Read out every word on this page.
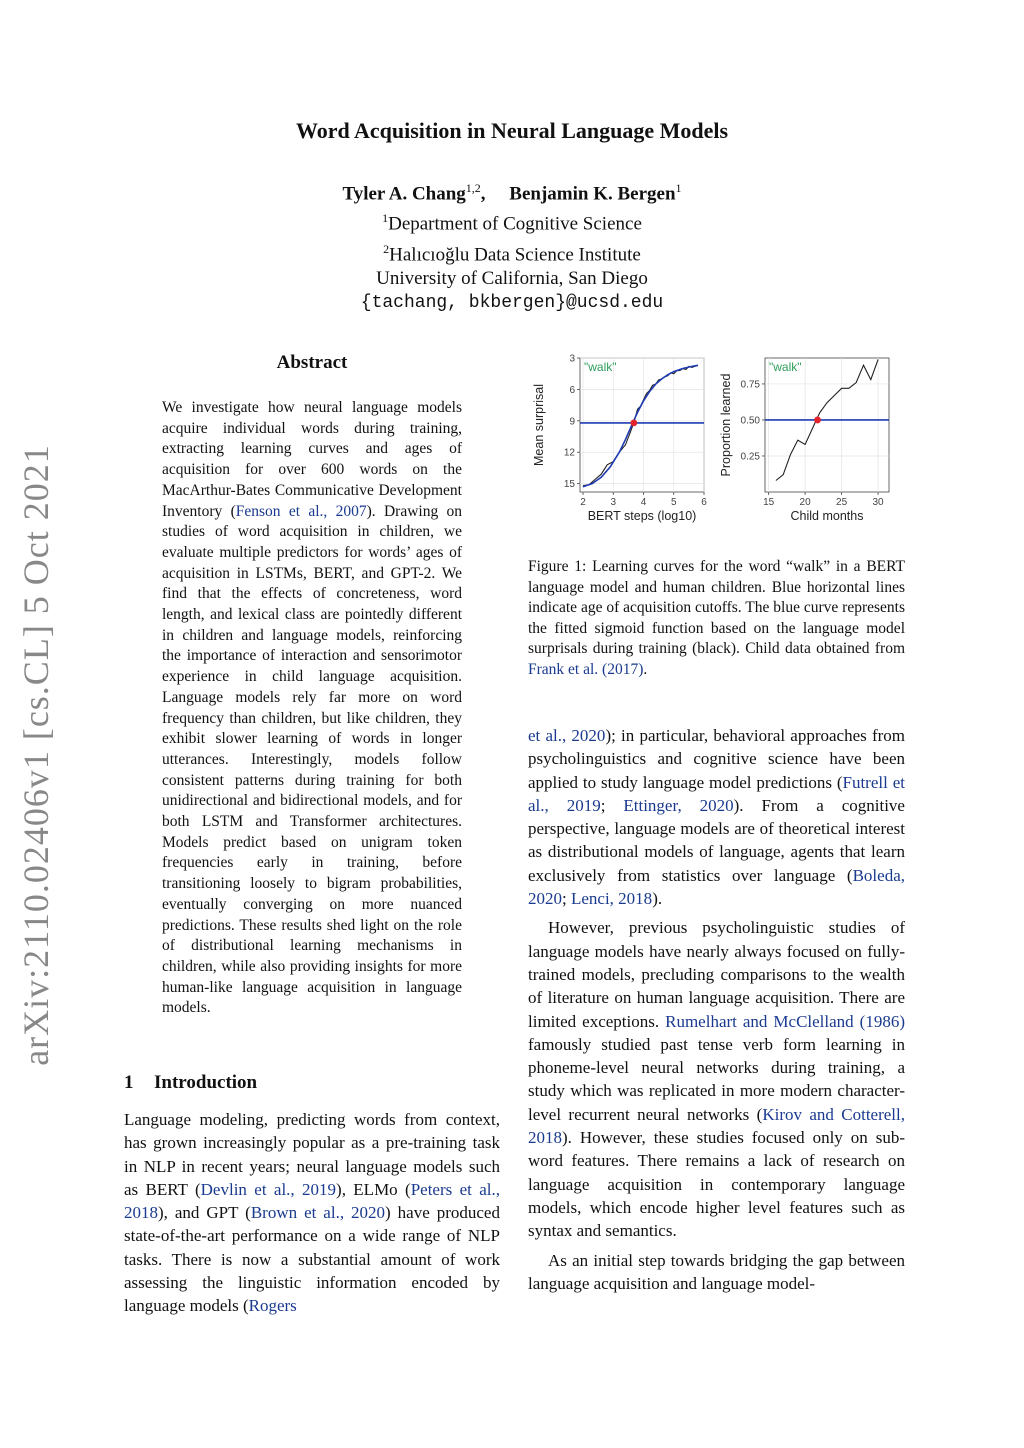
arXiv:2110.02406v1 [cs.CL] 5 Oct 2021
Word Acquisition in Neural Language Models
Tyler A. Chang$^{1,2}$,     Benjamin K. Bergen$^1$
$^1$Department of Cognitive Science
$^2$Halıcıoğlu Data Science Institute
University of California, San Diego
{tachang, bkbergen}@ucsd.edu
Abstract
We investigate how neural language models acquire individual words during training, extracting learning curves and ages of acquisition for over 600 words on the MacArthur-Bates Communicative Development Inventory (Fenson et al., 2007). Drawing on studies of word acquisition in children, we evaluate multiple predictors for words’ ages of acquisition in LSTMs, BERT, and GPT-2. We find that the effects of concreteness, word length, and lexical class are pointedly different in children and language models, reinforcing the importance of interaction and sensorimotor experience in child language acquisition. Language models rely far more on word frequency than children, but like children, they exhibit slower learning of words in longer utterances. Interestingly, models follow consistent patterns during training for both unidirectional and bidirectional models, and for both LSTM and Transformer architectures. Models predict based on unigram token frequencies early in training, before transitioning loosely to bigram probabilities, eventually converging on more nuanced predictions. These results shed light on the role of distributional learning mechanisms in children, while also providing insights for more human-like language acquisition in language models.
1 Introduction

Language modeling, predicting words from context, has grown increasingly popular as a pre-training task in NLP in recent years; neural language models such as BERT (Devlin et al., 2019), ELMo (Peters et al., 2018), and GPT (Brown et al., 2020) have produced state-of-the-art performance on a wide range of NLP tasks. There is now a substantial amount of work assessing the linguistic information encoded by language models (Rogers

2 3 4 5 6
3
6
9
12
15
"walk"
BERT steps (log10)
Mean surprisal
15	20	25	30
0.25
0.50
0.75
"walk"
Child months
Proportion learned
Figure 1: Learning curves for the word “walk” in a BERT language model and human children. Blue horizontal lines indicate age of acquisition cutoffs. The blue curve represents the fitted sigmoid function based on the language model surprisals during training (black). Child data obtained from Frank et al. (2017).

et al., 2020); in particular, behavioral approaches from psycholinguistics and cognitive science have been applied to study language model predictions (Futrell et al., 2019; Ettinger, 2020). From a cognitive perspective, language models are of theoretical interest as distributional models of language, agents that learn exclusively from statistics over language (Boleda, 2020; Lenci, 2018).

However, previous psycholinguistic studies of language models have nearly always focused on fully-trained models, precluding comparisons to the wealth of literature on human language acquisition. There are limited exceptions. Rumelhart and McClelland (1986) famously studied past tense verb form learning in phoneme-level neural networks during training, a study which was replicated in more modern character-level recurrent neural networks (Kirov and Cotterell, 2018). However, these studies focused only on sub-word features. There remains a lack of research on language acquisition in contemporary language models, which encode higher level features such as syntax and semantics.

As an initial step towards bridging the gap between language acquisition and language model-
